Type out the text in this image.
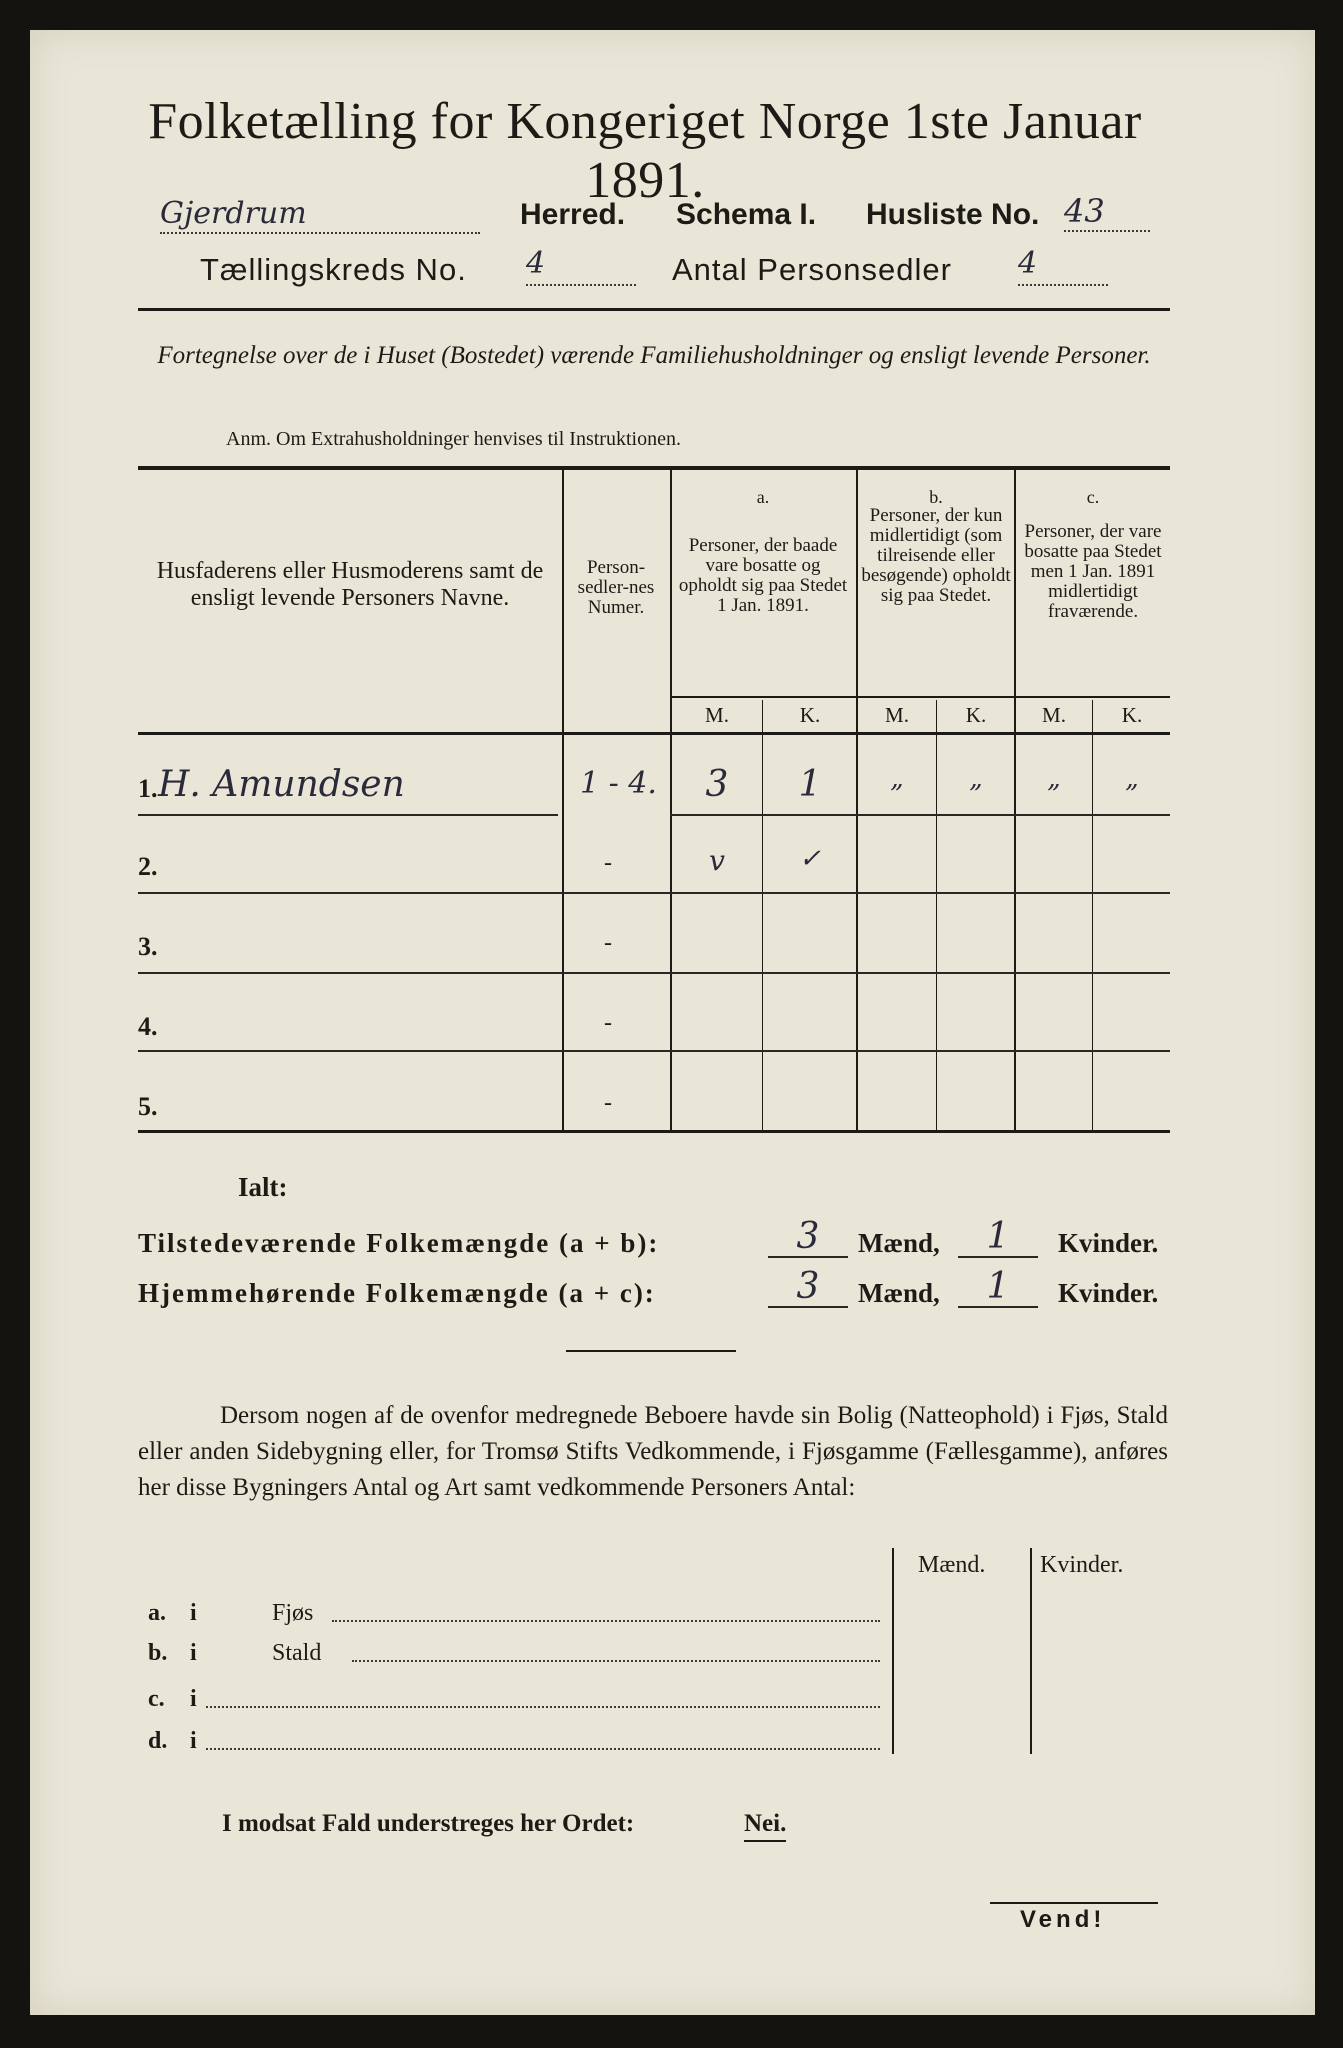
Folketælling for Kongeriget Norge 1ste Januar 1891.
Gjerdrum	Herred. Schema I. Husliste No. 43
Tællingskreds No. 4	Antal Personsedler 4
Fortegnelse over de i Huset (Bostedet) værende Familiehusholdninger og ensligt levende Personer.
Anm. Om Extrahusholdninger henvises til Instruktionen.
Husfaderens eller Husmoderens samt de ensligt levende Personers Navne.
Person-sedler-nes Numer.
a.
Personer, der baade vare bosatte og opholdt sig paa Stedet 1 Jan. 1891.
b.
Personer, der kun midlertidigt (som tilreisende eller besøgende) opholdt sig paa Stedet.
c.
Personer, der vare bosatte paa Stedet men 1 Jan. 1891 midlertidigt fraværende.
M.	K.	M.	K.	M.	K.
1. H. Amundsen	1 - 4.	3	1	„	„	„	„
2.	-	v	✓
3.	-
4.	-
5.	-
Ialt:
Tilstedeværende Folkemængde (a + b):	3	Mænd,	1	Kvinder.
Hjemmehørende Folkemængde (a + c):	3	Mænd,	1	Kvinder.
Dersom nogen af de ovenfor medregnede Beboere havde sin Bolig (Natteophold) i Fjøs, Stald eller anden Sidebygning eller, for Tromsø Stifts Vedkommende, i Fjøsgamme (Fællesgamme), anføres her disse Bygningers Antal og Art samt vedkommende Personers Antal:
Mænd. Kvinder.
a. i	Fjøs
b. i	Stald
c. i
d. i
I modsat Fald understreges her Ordet:	Nei.
Vend!
